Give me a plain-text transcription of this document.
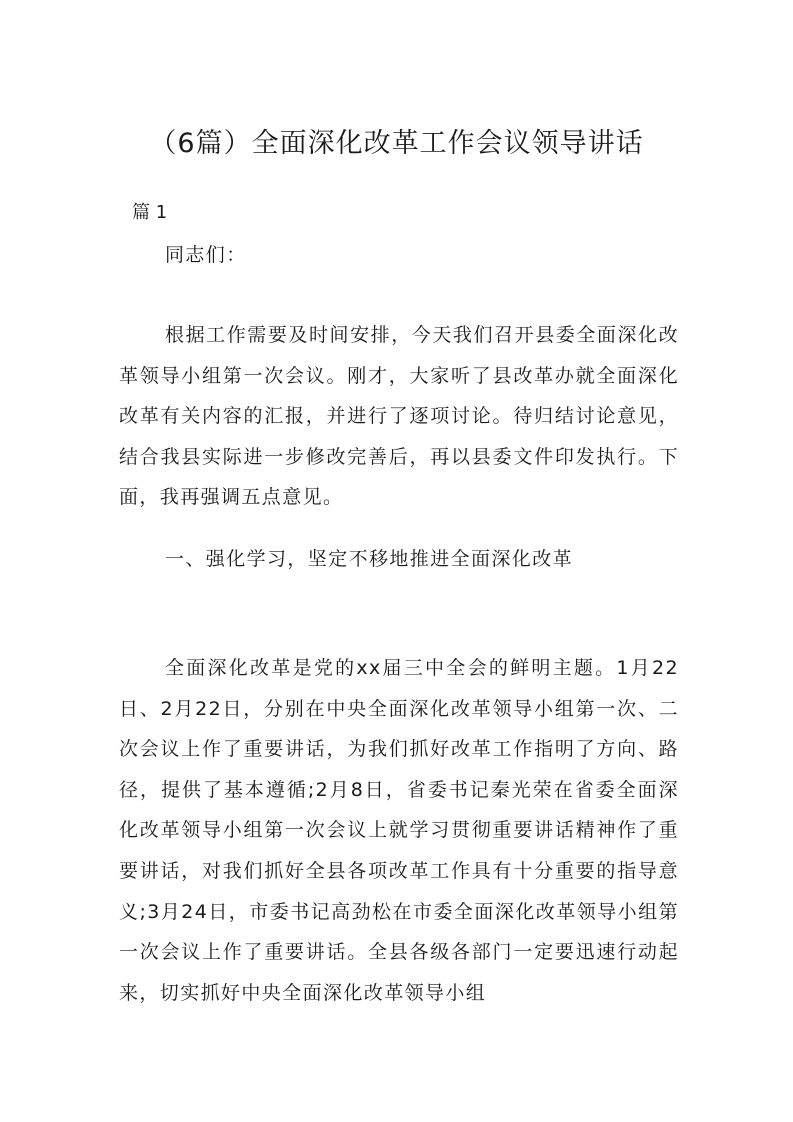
（6篇）全面深化改革工作会议领导讲话

篇 1

同志们：

根据工作需要及时间安排，今天我们召开县委全面深化改革领导小组第一次会议。刚才，大家听了县改革办就全面深化改革有关内容的汇报，并进行了逐项讨论。待归结讨论意见，结合我县实际进一步修改完善后，再以县委文件印发执行。下面，我再强调五点意见。

一、强化学习，坚定不移地推进全面深化改革

全面深化改革是党的xx届三中全会的鲜明主题。1月22日、2月22日，分别在中央全面深化改革领导小组第一次、二次会议上作了重要讲话，为我们抓好改革工作指明了方向、路径，提供了基本遵循;2月8日，省委书记秦光荣在省委全面深化改革领导小组第一次会议上就学习贯彻重要讲话精神作了重要讲话，对我们抓好全县各项改革工作具有十分重要的指导意义;3月24日，市委书记高劲松在市委全面深化改革领导小组第一次会议上作了重要讲话。全县各级各部门一定要迅速行动起来，切实抓好中央全面深化改革领导小组
